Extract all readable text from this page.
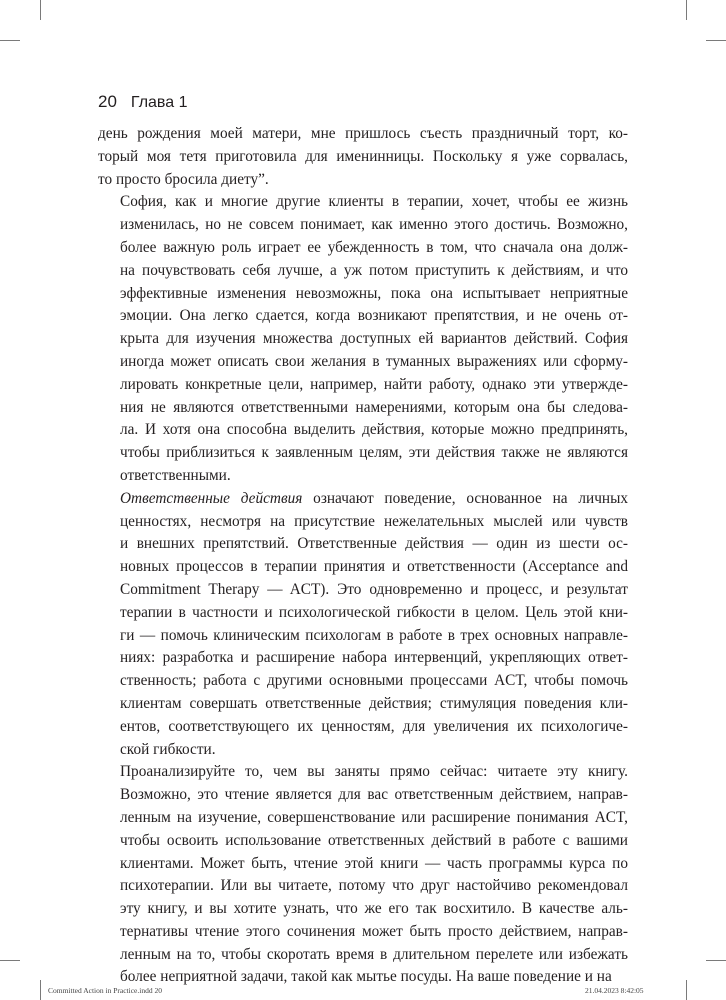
20 Глава 1

день рождения моей матери, мне пришлось съесть праздничный торт, ко-
торый моя тетя приготовила для именинницы. Поскольку я уже сорвалась,
то просто бросила диету”.

София, как и многие другие клиенты в терапии, хочет, чтобы ее жизнь
изменилась, но не совсем понимает, как именно этого достичь. Возможно,
более важную роль играет ее убежденность в том, что сначала она долж-
на почувствовать себя лучше, а уж потом приступить к действиям, и что
эффективные изменения невозможны, пока она испытывает неприятные
эмоции. Она легко сдается, когда возникают препятствия, и не очень от-
крыта для изучения множества доступных ей вариантов действий. София
иногда может описать свои желания в туманных выражениях или сформу-
лировать конкретные цели, например, найти работу, однако эти утвержде-
ния не являются ответственными намерениями, которым она бы следова-
ла. И хотя она способна выделить действия, которые можно предпринять,
чтобы приблизиться к заявленным целям, эти действия также не являются
ответственными.

Ответственные действия означают поведение, основанное на личных
ценностях, несмотря на присутствие нежелательных мыслей или чувств
и внешних препятствий. Ответственные действия — один из шести ос-
новных процессов в терапии принятия и ответственности (Acceptance and
Commitment Therapy — ACT). Это одновременно и процесс, и результат
терапии в частности и психологической гибкости в целом. Цель этой кни-
ги — помочь клиническим психологам в работе в трех основных направле-
ниях: разработка и расширение набора интервенций, укрепляющих ответ-
ственность; работа с другими основными процессами ACT, чтобы помочь
клиентам совершать ответственные действия; стимуляция поведения кли-
ентов, соответствующего их ценностям, для увеличения их психологиче-
ской гибкости.

Проанализируйте то, чем вы заняты прямо сейчас: читаете эту книгу.
Возможно, это чтение является для вас ответственным действием, направ-
ленным на изучение, совершенствование или расширение понимания ACT,
чтобы освоить использование ответственных действий в работе с вашими
клиентами. Может быть, чтение этой книги — часть программы курса по
психотерапии. Или вы читаете, потому что друг настойчиво рекомендовал
эту книгу, и вы хотите узнать, что же его так восхитило. В качестве аль-
тернативы чтение этого сочинения может быть просто действием, направ-
ленным на то, чтобы скоротать время в длительном перелете или избежать
более неприятной задачи, такой как мытье посуды. На ваше поведение и на

Committed Action in Practice.indd 20	21.04.2023 8:42:05
